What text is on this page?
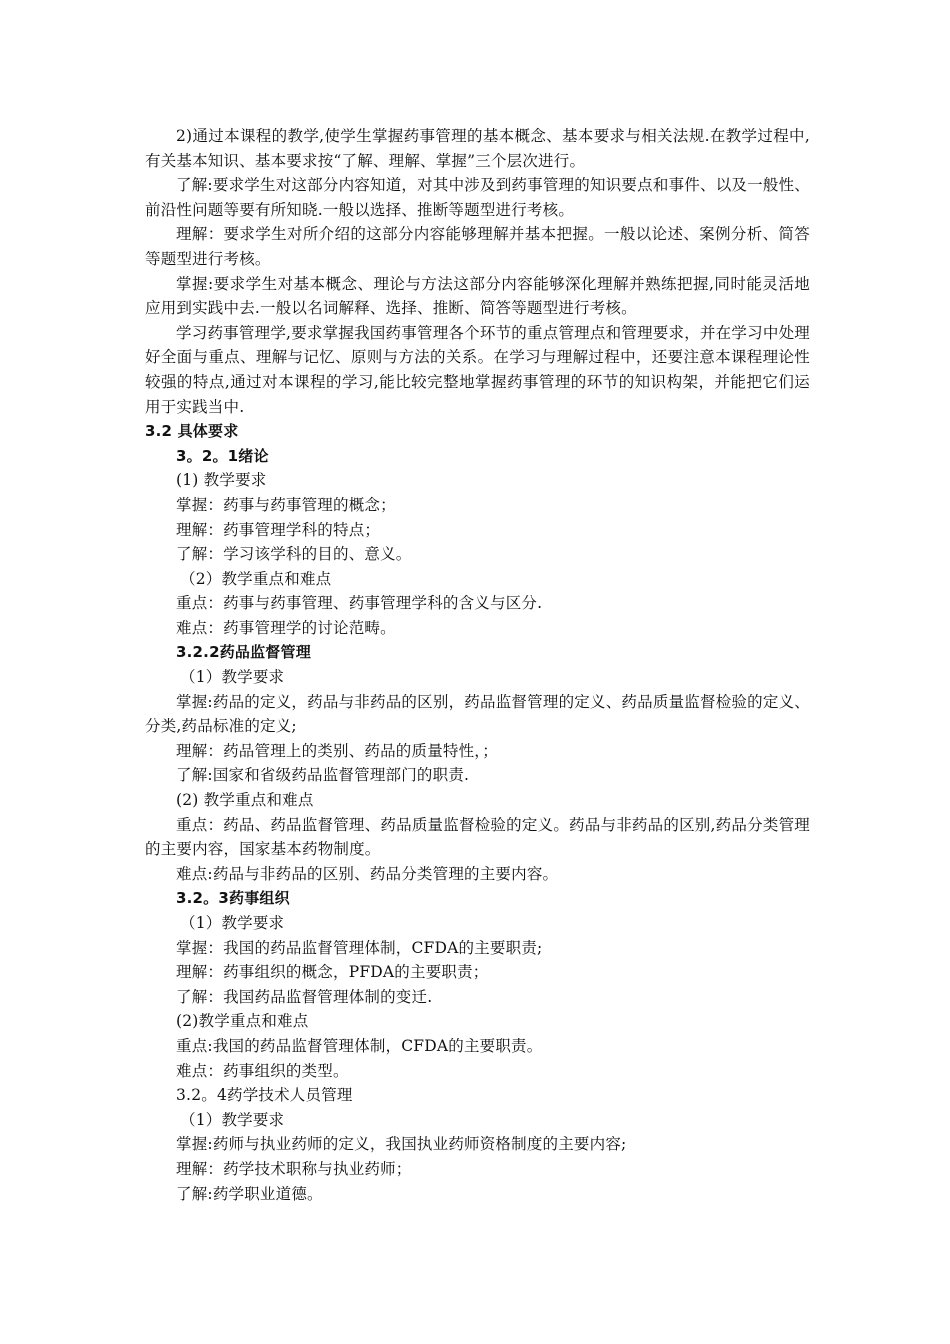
2)通过本课程的教学,使学生掌握药事管理的基本概念、基本要求与相关法规.在教学过程中,有关基本知识、基本要求按“了解、理解、掌握”三个层次进行。

了解:要求学生对这部分内容知道，对其中涉及到药事管理的知识要点和事件、以及一般性、前沿性问题等要有所知晓.一般以选择、推断等题型进行考核。

理解：要求学生对所介绍的这部分内容能够理解并基本把握。一般以论述、案例分析、简答等题型进行考核。

掌握:要求学生对基本概念、理论与方法这部分内容能够深化理解并熟练把握,同时能灵活地应用到实践中去.一般以名词解释、选择、推断、简答等题型进行考核。

学习药事管理学,要求掌握我国药事管理各个环节的重点管理点和管理要求，并在学习中处理好全面与重点、理解与记忆、原则与方法的关系。在学习与理解过程中，还要注意本课程理论性较强的特点,通过对本课程的学习,能比较完整地掌握药事管理的环节的知识构架，并能把它们运用于实践当中.

3.2 具体要求

3。2。1绪论

(1) 教学要求

掌握：药事与药事管理的概念；

理解：药事管理学科的特点；

了解：学习该学科的目的、意义。

（2）教学重点和难点

重点：药事与药事管理、药事管理学科的含义与区分.

难点：药事管理学的讨论范畴。

3.2.2药品监督管理

（1）教学要求

掌握:药品的定义，药品与非药品的区别，药品监督管理的定义、药品质量监督检验的定义、分类,药品标准的定义;

理解：药品管理上的类别、药品的质量特性，；

了解:国家和省级药品监督管理部门的职责.

(2) 教学重点和难点

重点：药品、药品监督管理、药品质量监督检验的定义。药品与非药品的区别,药品分类管理的主要内容，国家基本药物制度。

难点:药品与非药品的区别、药品分类管理的主要内容。

3.2。3药事组织

（1）教学要求

掌握：我国的药品监督管理体制，CFDA的主要职责;

理解：药事组织的概念，PFDA的主要职责；

了解：我国药品监督管理体制的变迁.

(2)教学重点和难点

重点:我国的药品监督管理体制，CFDA的主要职责。

难点：药事组织的类型。

3.2。4药学技术人员管理

（1）教学要求

掌握:药师与执业药师的定义，我国执业药师资格制度的主要内容;

理解：药学技术职称与执业药师；

了解:药学职业道德。
